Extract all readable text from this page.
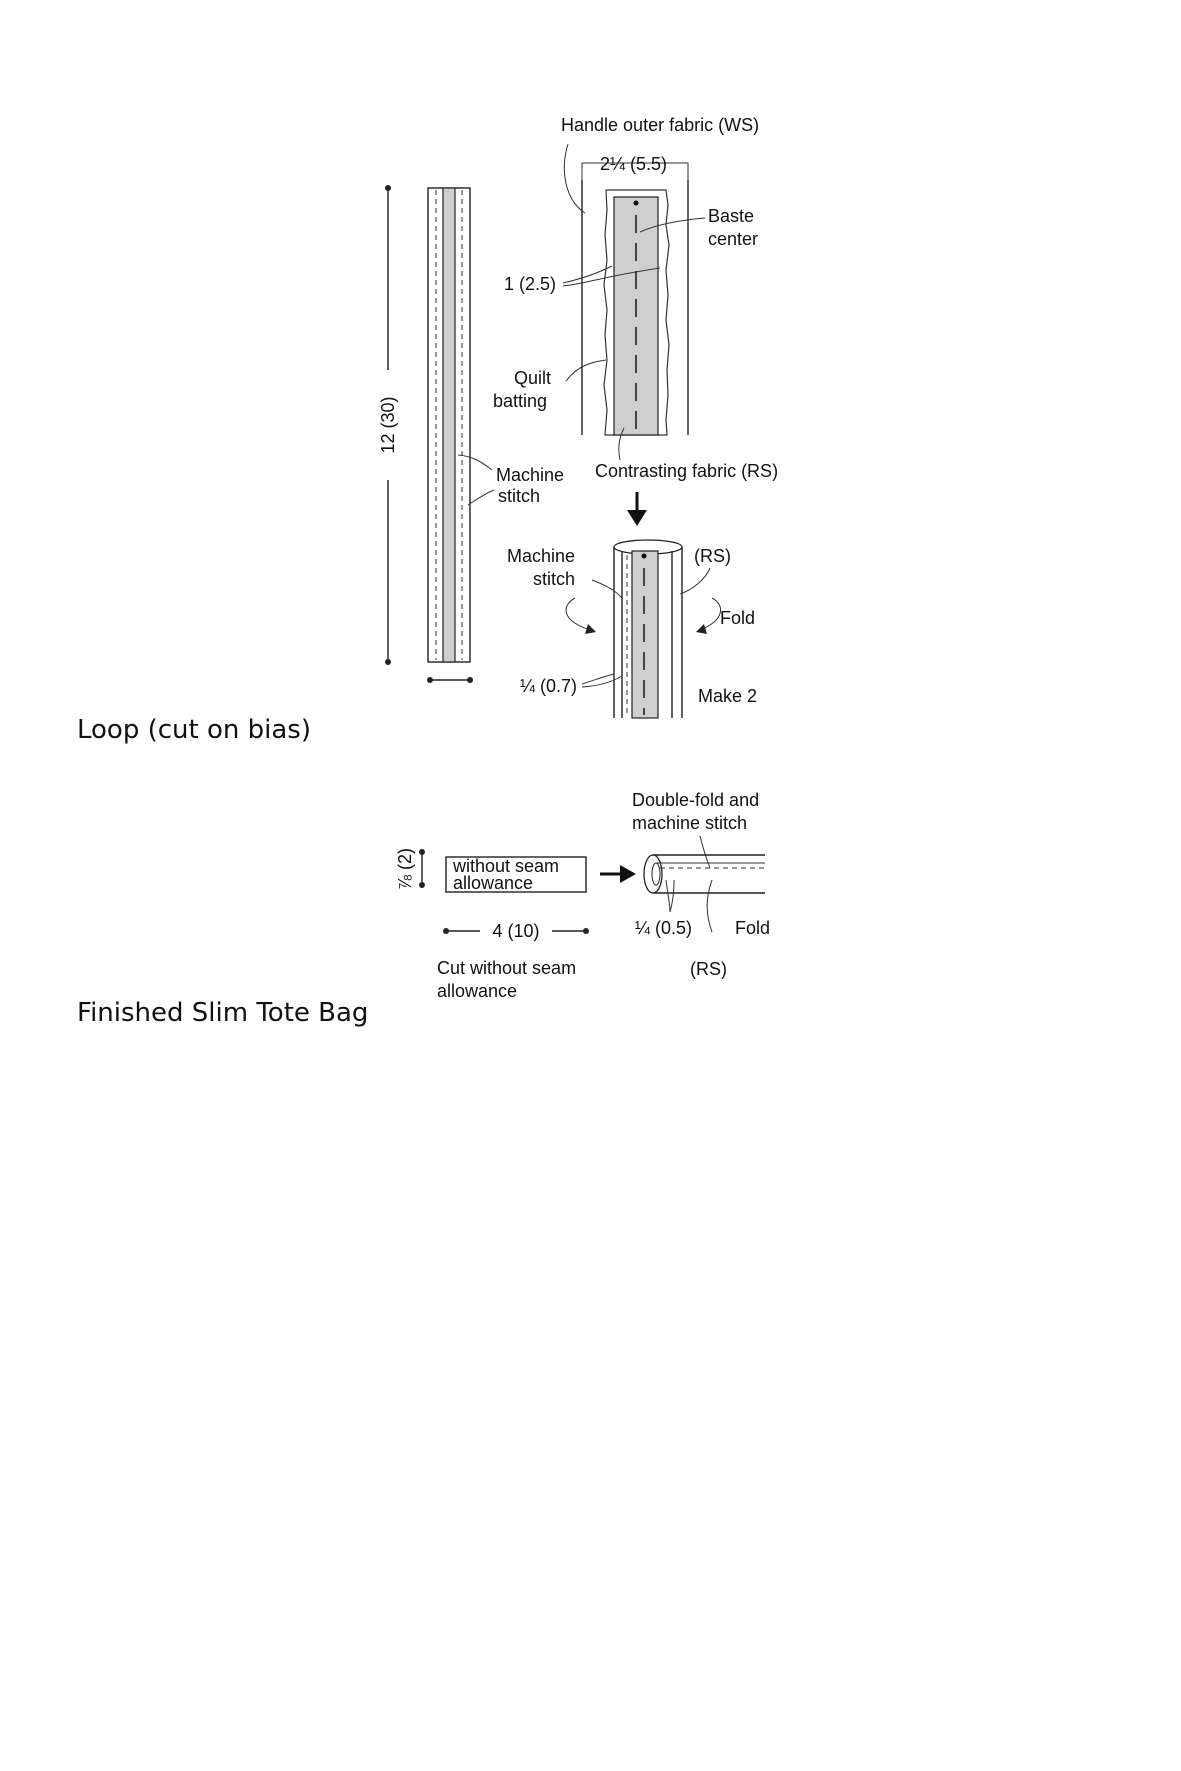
12 (30)
Machine
stitch
Handle outer fabric (WS)
2¼ (5.5)
Baste
center
1 (2.5)
Quilt
batting
Contrasting fabric (RS)
Machine
stitch
(RS)
Fold
¼ (0.7)	Make 2
⅞ (2) without seam
allowance
4 (10)
Cut without seam
allowance
Double-fold and
machine stitch
¼ (0.5) Fold
(RS)
Loop (cut on bias)
Finished Slim Tote Bag
